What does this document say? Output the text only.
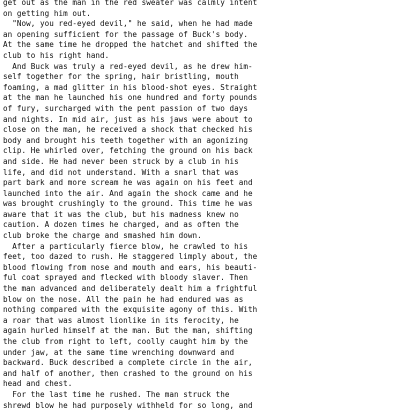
get out as the man in the red sweater was calmly intent
on getting him out.
"Now, you red-eyed devil," he said, when he had made
an opening sufficient for the passage of Buck's body.
At the same time he dropped the hatchet and shifted the
club to his right hand.
And Buck was truly a red-eyed devil, as he drew him-
self together for the spring, hair bristling, mouth
foaming, a mad glitter in his blood-shot eyes. Straight
at the man he launched his one hundred and forty pounds
of fury, surcharged with the pent passion of two days
and nights. In mid air, just as his jaws were about to
close on the man, he received a shock that checked his
body and brought his teeth together with an agonizing
clip. He whirled over, fetching the ground on his back
and side. He had never been struck by a club in his
life, and did not understand. With a snarl that was
part bark and more scream he was again on his feet and
launched into the air. And again the shock came and he
was brought crushingly to the ground. This time he was
aware that it was the club, but his madness knew no
caution. A dozen times he charged, and as often the
club broke the charge and smashed him down.
After a particularly fierce blow, he crawled to his
feet, too dazed to rush. He staggered limply about, the
blood flowing from nose and mouth and ears, his beauti-
ful coat sprayed and flecked with bloody slaver. Then
the man advanced and deliberately dealt him a frightful
blow on the nose. All the pain he had endured was as
nothing compared with the exquisite agony of this. With
a roar that was almost lionlike in its ferocity, he
again hurled himself at the man. But the man, shifting
the club from right to left, coolly caught him by the
under jaw, at the same time wrenching downward and
backward. Buck described a complete circle in the air,
and half of another, then crashed to the ground on his
head and chest.
For the last time he rushed. The man struck the
shrewd blow he had purposely withheld for so long, and
